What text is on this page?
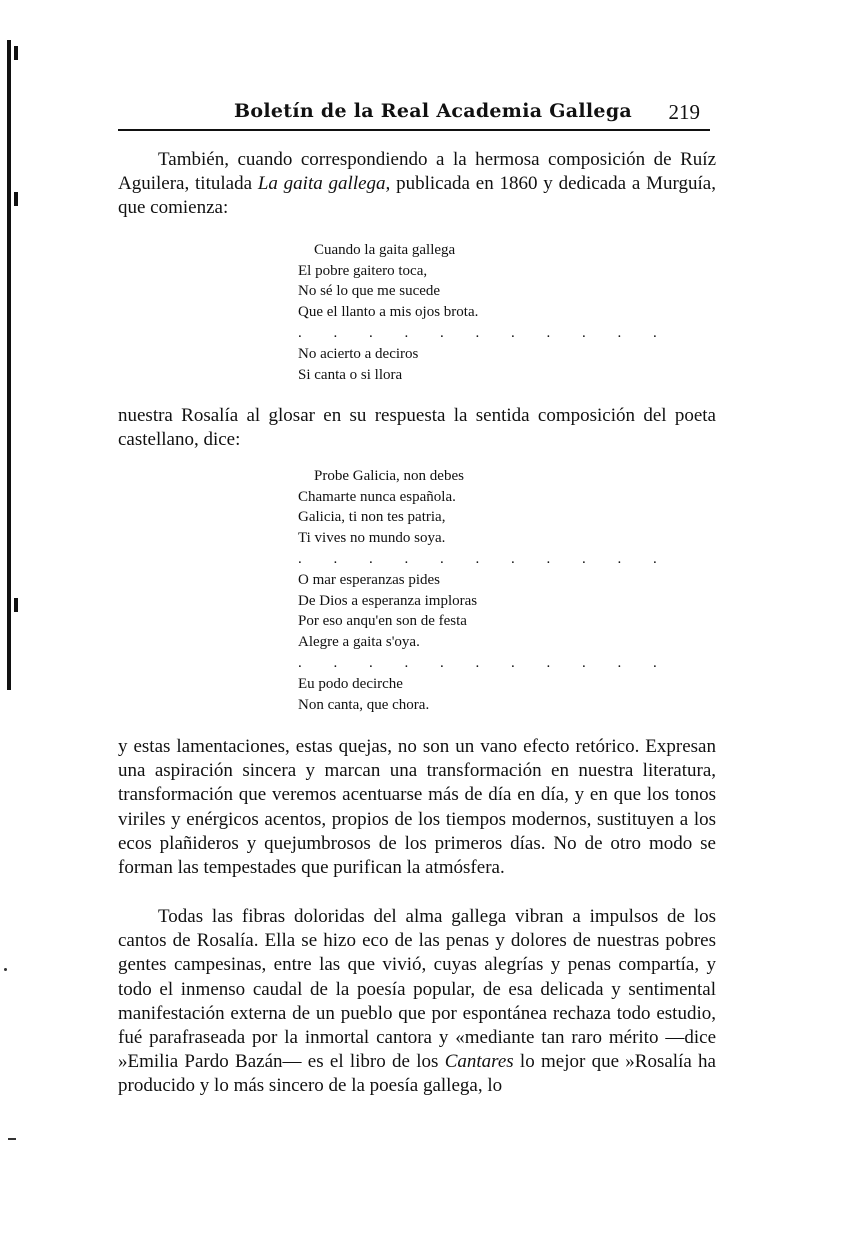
Boletín de la Real Academia Gallega 219

También, cuando correspondiendo a la hermosa composición de Ruíz Aguilera, titulada La gaita gallega, publicada en 1860 y dedicada a Murguía, que comienza:

Cuando la gaita gallega
El pobre gaitero toca,
No sé lo que me sucede
Que el llanto a mis ojos brota.
. . . . . . . . . . .
No acierto a deciros
Si canta o si llora

nuestra Rosalía al glosar en su respuesta la sentida composición del poeta castellano, dice:

Probe Galicia, non debes
Chamarte nunca española.
Galicia, ti non tes patria,
Ti vives no mundo soya.
. . . . . . . . . . .
O mar esperanzas pides
De Dios a esperanza imploras
Por eso anqu'en son de festa
Alegre a gaita s'oya.
. . . . . . . . . . .
Eu podo decirche
Non canta, que chora.

y estas lamentaciones, estas quejas, no son un vano efecto retórico. Expresan una aspiración sincera y marcan una transformación en nuestra literatura, transformación que veremos acentuarse más de día en día, y en que los tonos viriles y enérgicos acentos, propios de los tiempos modernos, sustituyen a los ecos plañideros y quejumbrosos de los primeros días. No de otro modo se forman las tempestades que purifican la atmósfera.

Todas las fibras doloridas del alma gallega vibran a impulsos de los cantos de Rosalía. Ella se hizo eco de las penas y dolores de nuestras pobres gentes campesinas, entre las que vivió, cuyas alegrías y penas compartía, y todo el inmenso caudal de la poesía popular, de esa delicada y sentimental manifestación externa de un pueblo que por espontánea rechaza todo estudio, fué parafraseada por la inmortal cantora y «mediante tan raro mérito —dice »Emilia Pardo Bazán— es el libro de los Cantares lo mejor que »Rosalía ha producido y lo más sincero de la poesía gallega, lo
